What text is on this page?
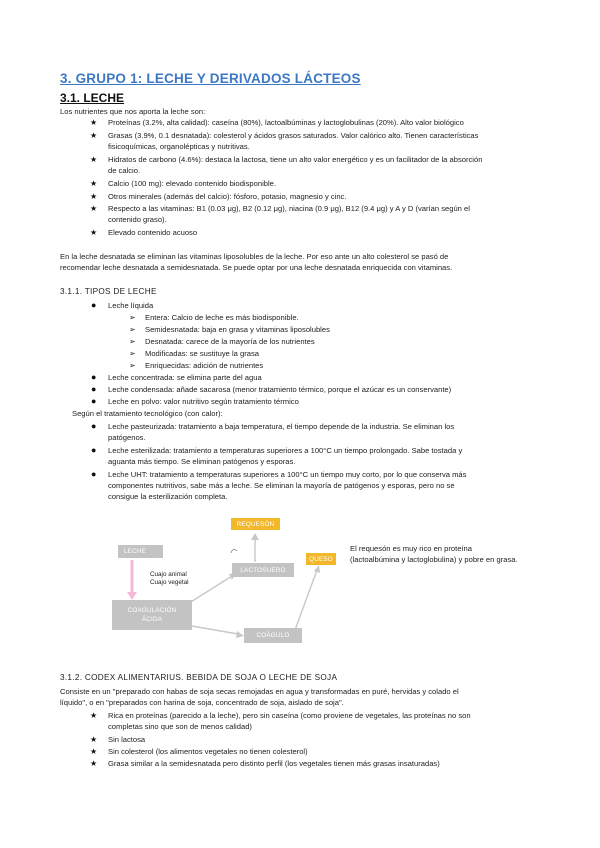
3. GRUPO 1: LECHE Y DERIVADOS LÁCTEOS
3.1. LECHE
Los nutrientes que nos aporta la leche son:
★ Proteínas (3.2%, alta calidad): caseína (80%), lactoalbúminas y lactoglobulinas (20%). Alto valor biológico
★ Grasas (3.9%, 0.1 desnatada): colesterol y ácidos grasos saturados. Valor calórico alto. Tienen características
fisicoquímicas, organolépticas y nutritivas.
★ Hidratos de carbono (4.6%): destaca la lactosa, tiene un alto valor energético y es un facilitador de la absorción
de calcio.
★ Calcio (100 mg): elevado contenido biodisponible.
★ Otros minerales (además del calcio): fósforo, potasio, magnesio y cinc.
★ Respecto a las vitaminas: B1 (0.03 μg), B2 (0.12 μg), niacina (0.9 μg), B12 (9.4 μg) y A y D (varían según el
contenido graso).
★ Elevado contenido acuoso
En la leche desnatada se eliminan las vitaminas liposolubles de la leche. Por eso ante un alto colesterol se pasó de
recomendar leche desnatada a semidesnatada. Se puede optar por una leche desnatada enriquecida con vitaminas.
3.1.1. TIPOS DE LECHE
● Leche líquida
➢ Entera: Calcio de leche es más biodisponible.
➢ Semidesnatada: baja en grasa y vitaminas liposolubles
➢ Desnatada: carece de la mayoría de los nutrientes
➢ Modificadas: se sustituye la grasa
➢ Enriquecidas: adición de nutrientes
● Leche concentrada: se elimina parte del agua
● Leche condensada: añade sacarosa (menor tratamiento térmico, porque el azúcar es un conservante)
● Leche en polvo: valor nutritivo según tratamiento térmico
Según el tratamiento tecnológico (con calor):
● Leche pasteurizada: tratamiento a baja temperatura, el tiempo depende de la industria. Se eliminan los
patógenos.
● Leche esterilizada: tratamiento a temperaturas superiores a 100°C un tiempo prolongado. Sabe tostada y
aguanta más tiempo. Se eliminan patógenos y esporas.
● Leche UHT: tratamiento a temperaturas superiores a 100°C un tiempo muy corto, por lo que conserva más
componentes nutritivos, sabe más a leche. Se eliminan la mayoría de patógenos y esporas, pero no se
consigue la esterilización completa.
REQUESÓN
LECHE
LACTOSUERO
QUESO
COAGULACIÓN
ÁCIDA
COÁGULO
Cuajo animal
Cuajo vegetal
El requesón es muy rico en proteína
(lactoalbúmina y lactoglobulina) y pobre en grasa.
3.1.2. CODEX ALIMENTARIUS. BEBIDA DE SOJA O LECHE DE SOJA
Consiste en un "preparado con habas de soja secas remojadas en agua y transformadas en puré, hervidas y colado el
líquido", o en "preparados con harina de soja, concentrado de soja, aislado de soja".
★ Rica en proteínas (parecido a la leche), pero sin caseína (como proviene de vegetales, las proteínas no son
completas sino que son de menos calidad)
★ Sin lactosa
★ Sin colesterol (los alimentos vegetales no tienen colesterol)
★ Grasa similar a la semidesnatada pero distinto perfil (los vegetales tienen más grasas insaturadas)
